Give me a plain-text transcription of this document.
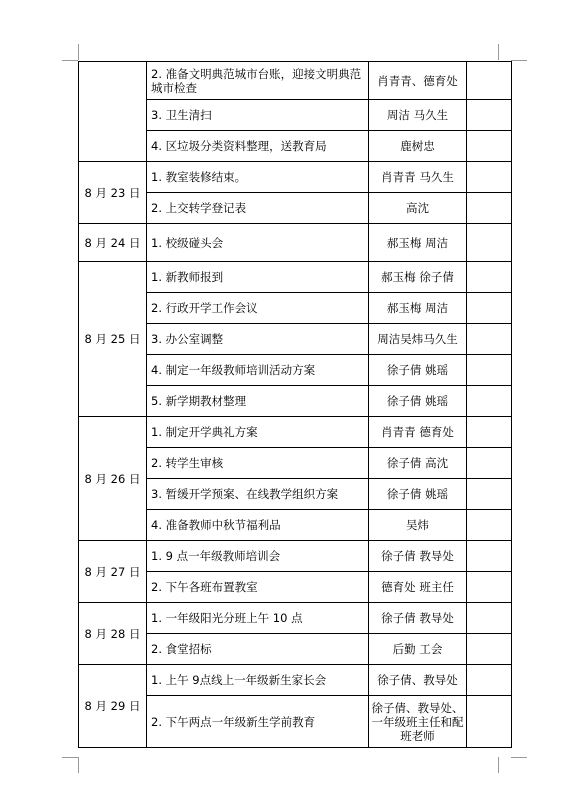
	2. 准备文明典范城市台账，迎接文明典范城市检查	肖青青、德育处	
	3. 卫生清扫	周洁 马久生	
	4. 区垃圾分类资料整理，送教育局	鹿树忠	
8 月 23 日	1. 教室装修结束。	肖青青 马久生	
	2. 上交转学登记表	高沈	
8 月 24 日	1. 校级碰头会	郝玉梅 周洁	
8 月 25 日	1. 新教师报到	郝玉梅 徐子倩	
	2. 行政开学工作会议	郝玉梅 周洁	
	3. 办公室调整	周洁吴炜马久生	
	4. 制定一年级教师培训活动方案	徐子倩 姚瑶	
	5. 新学期教材整理	徐子倩 姚瑶	
8 月 26 日	1. 制定开学典礼方案	肖青青 德育处	
	2. 转学生审核	徐子倩 高沈	
	3. 暂缓开学预案、在线教学组织方案	徐子倩 姚瑶	
	4. 准备教师中秋节福利品	吴炜	
8 月 27 日	1. 9 点一年级教师培训会	徐子倩 教导处	
	2. 下午各班布置教室	德育处 班主任	
8 月 28 日	1. 一年级阳光分班上午 10 点	徐子倩 教导处	
	2. 食堂招标	后勤 工会	
8 月 29 日	1. 上午 9点线上一年级新生家长会	徐子倩、教导处	
	2. 下午两点一年级新生学前教育	徐子倩、教导处、一年级班主任和配班老师	
